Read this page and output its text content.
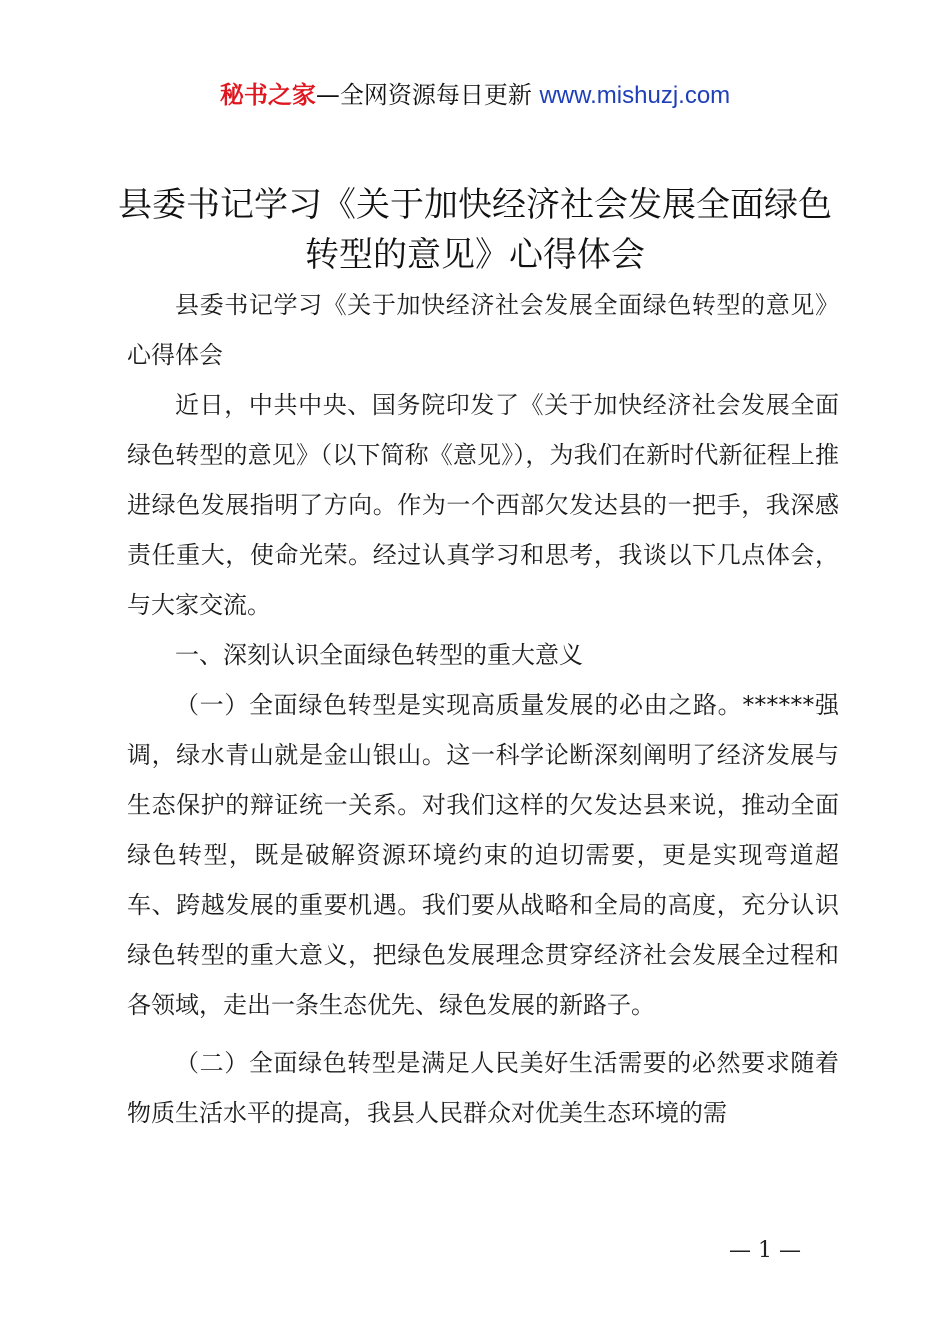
秘书之家—全网资源每日更新 www.mishuzj.com
县委书记学习《关于加快经济社会发展全面绿色转型的意见》心得体会

县委书记学习《关于加快经济社会发展全面绿色转型的意见》心得体会

近日，中共中央、国务院印发了《关于加快经济社会发展全面绿色转型的意见》（以下简称《意见》），为我们在新时代新征程上推进绿色发展指明了方向。作为一个西部欠发达县的一把手，我深感责任重大，使命光荣。经过认真学习和思考，我谈以下几点体会，与大家交流。

一、深刻认识全面绿色转型的重大意义

（一）全面绿色转型是实现高质量发展的必由之路。******强调，绿水青山就是金山银山。这一科学论断深刻阐明了经济发展与生态保护的辩证统一关系。对我们这样的欠发达县来说，推动全面绿色转型，既是破解资源环境约束的迫切需要，更是实现弯道超车、跨越发展的重要机遇。我们要从战略和全局的高度，充分认识绿色转型的重大意义，把绿色发展理念贯穿经济社会发展全过程和各领域，走出一条生态优先、绿色发展的新路子。

（二）全面绿色转型是满足人民美好生活需要的必然要求随着物质生活水平的提高，我县人民群众对优美生态环境的需

— 1 —
